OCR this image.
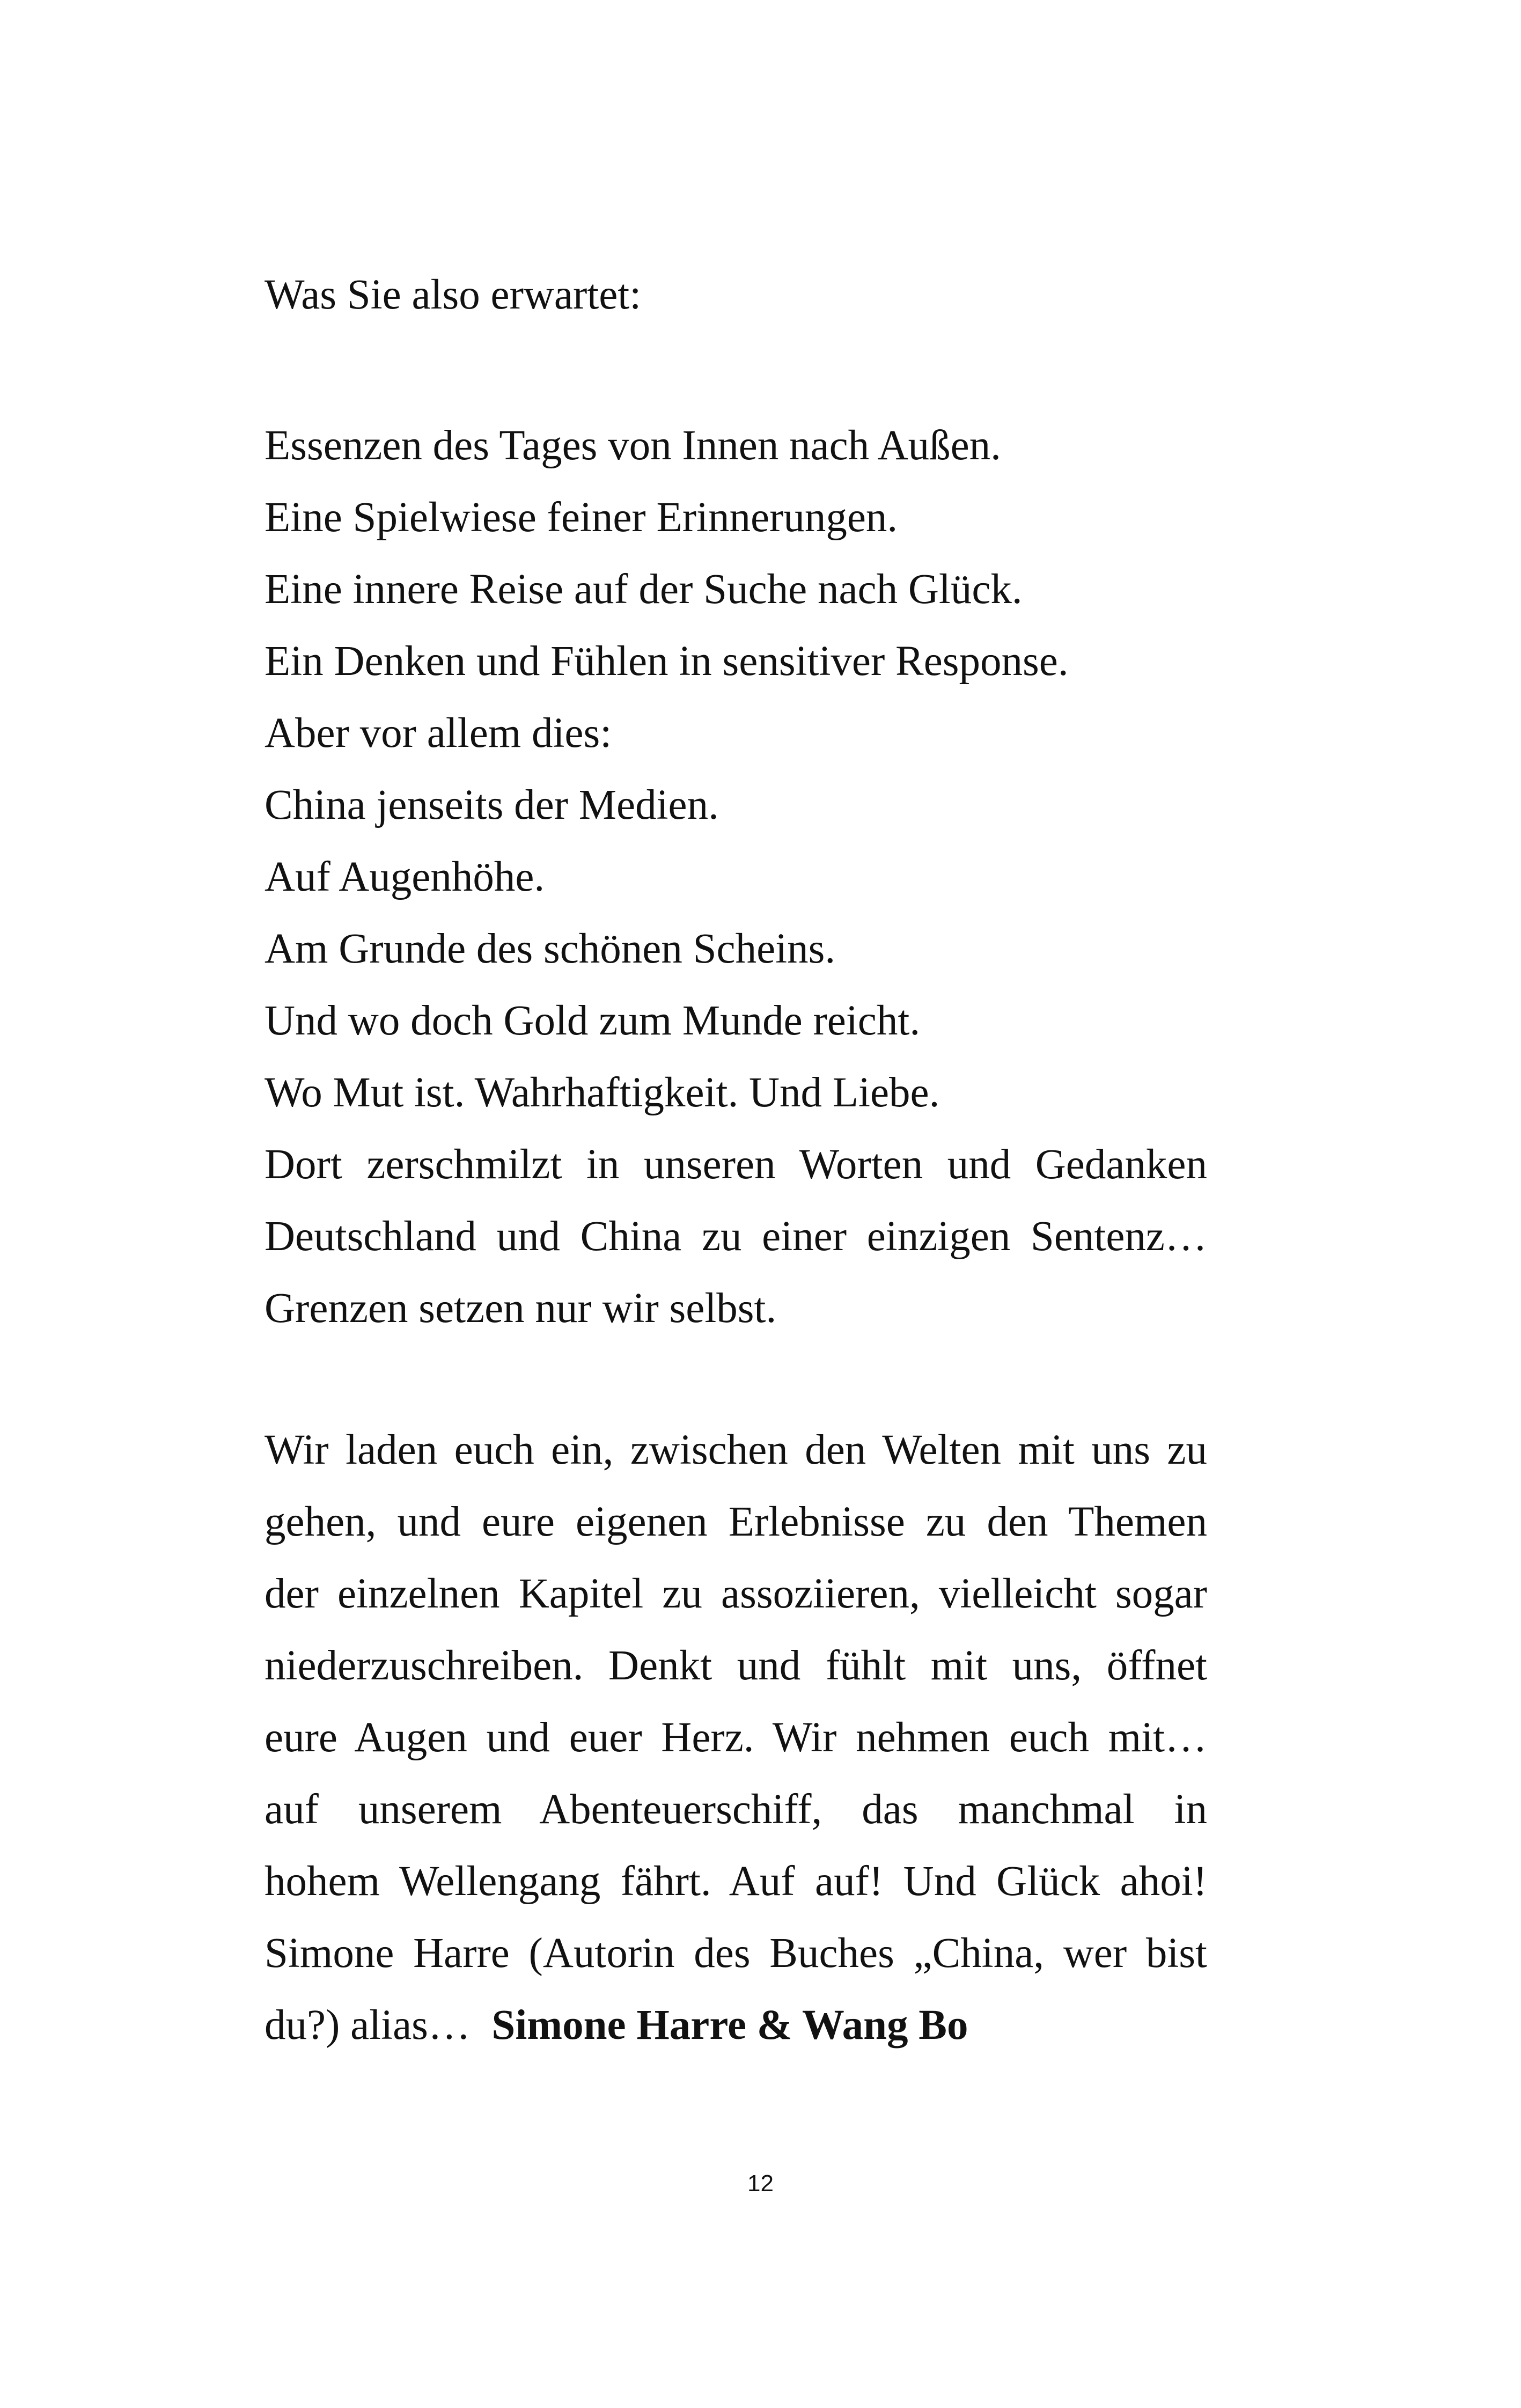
Was Sie also erwartet:
Essenzen des Tages von Innen nach Außen.
Eine Spielwiese feiner Erinnerungen.
Eine innere Reise auf der Suche nach Glück.
Ein Denken und Fühlen in sensitiver Response.
Aber vor allem dies:
China jenseits der Medien.
Auf Augenhöhe.
Am Grunde des schönen Scheins.
Und wo doch Gold zum Munde reicht.
Wo Mut ist. Wahrhaftigkeit. Und Liebe.
Dort zerschmilzt in unseren Worten und Gedanken
Deutschland und China zu einer einzigen Sentenz…
Grenzen setzen nur wir selbst.
Wir laden euch ein, zwischen den Welten mit uns zu
gehen, und eure eigenen Erlebnisse zu den Themen
der einzelnen Kapitel zu assoziieren, vielleicht sogar
niederzuschreiben. Denkt und fühlt mit uns, öffnet
eure Augen und euer Herz. Wir nehmen euch mit…
auf unserem Abenteuerschiff, das manchmal in
hohem Wellengang fährt. Auf auf! Und Glück ahoi!
Simone Harre (Autorin des Buches „China, wer bist
du?) alias… Simone Harre & Wang Bo
12
